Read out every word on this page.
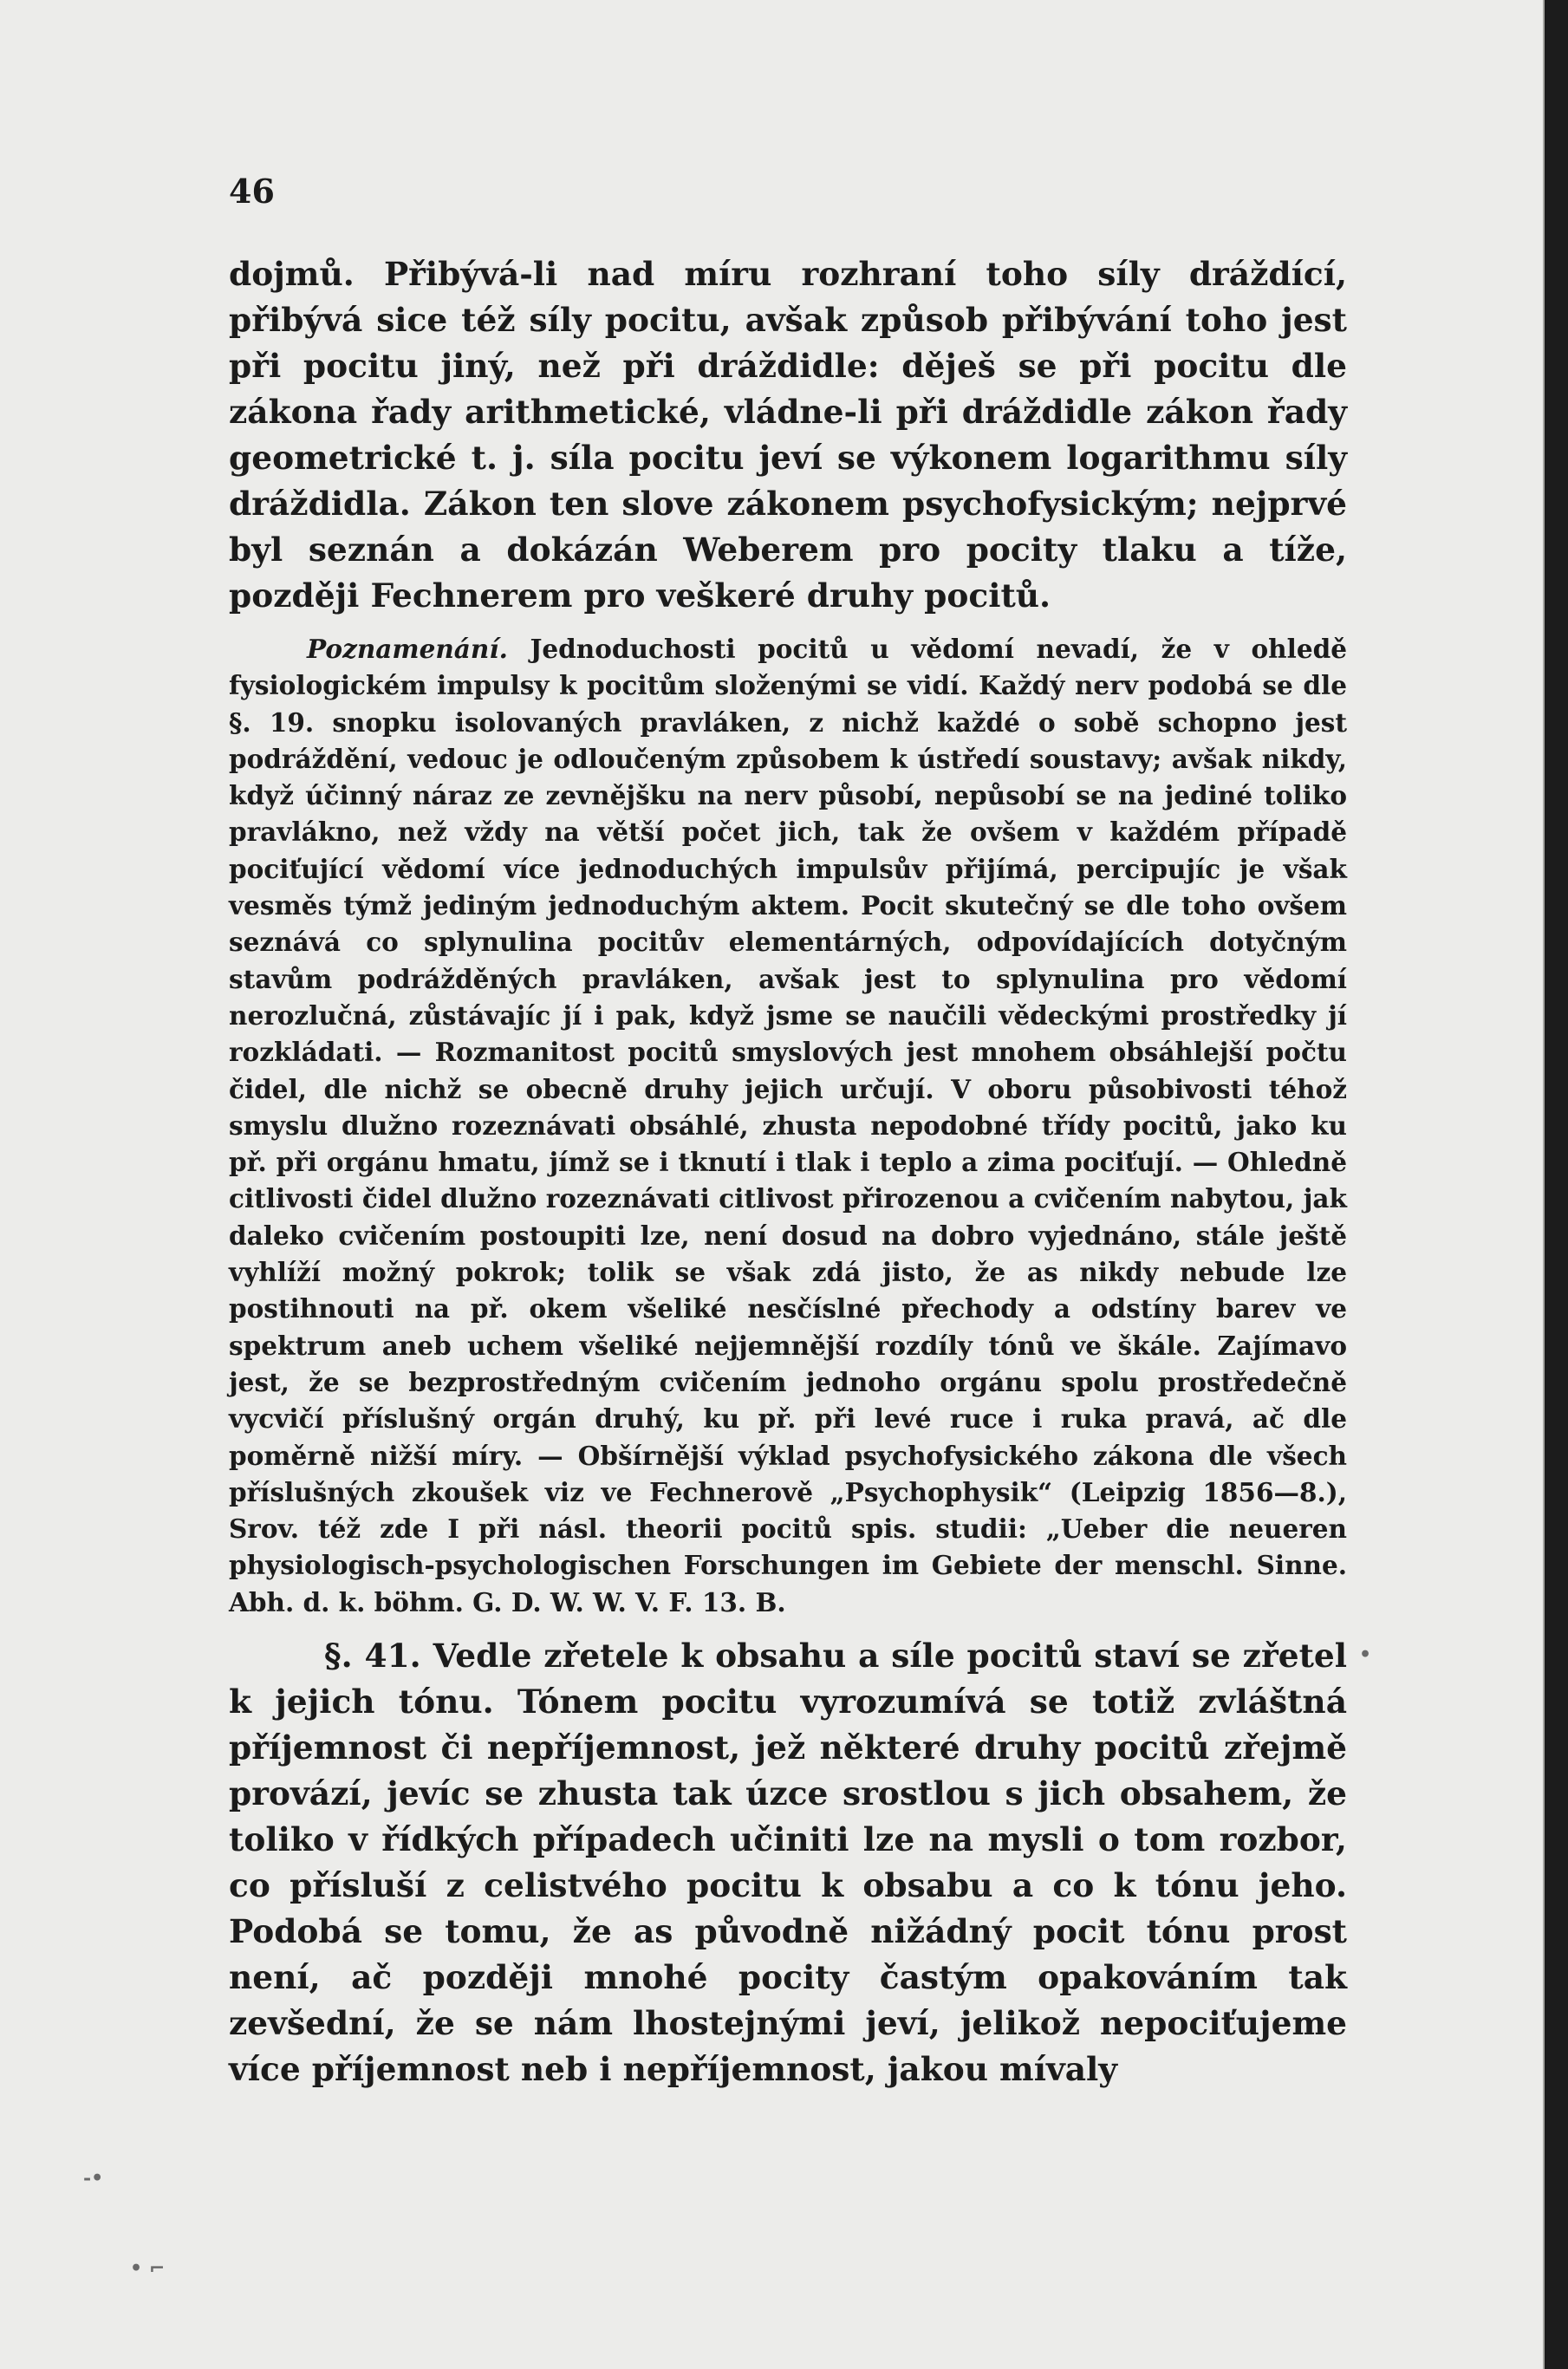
46

dojmů. Přibývá-li nad míru rozhraní toho síly dráždící, přibývá sice též síly pocitu, avšak způsob přibývání toho jest při pocitu jiný, než při dráždidle: děješ se při pocitu dle zákona řady arithmetické, vládne-li při dráždidle zákon řady geometrické t. j. síla pocitu jeví se výkonem logarithmu síly dráždidla. Zákon ten slove zákonem psychofysickým; nejprvé byl seznán a dokázán Weberem pro pocity tlaku a tíže, později Fechnerem pro veškeré druhy pocitů.

Poznamenání. Jednoduchosti pocitů u vědomí nevadí, že v ohledě fysiologickém impulsy k pocitům složenými se vidí. Každý nerv podobá se dle §. 19. snopku isolovaných pravláken, z nichž každé o sobě schopno jest podráždění, vedouc je odloučeným způsobem k ústředí soustavy; avšak nikdy, když účinný náraz ze zevnějšku na nerv působí, nepůsobí se na jediné toliko pravlákno, než vždy na větší počet jich, tak že ovšem v každém případě pociťující vědomí více jednoduchých impulsův přijímá, percipujíc je však vesměs týmž jediným jednoduchým aktem. Pocit skutečný se dle toho ovšem seznává co splynulina pocitův elementárných, odpovídajících dotyčným stavům podrážděných pravláken, avšak jest to splynulina pro vědomí nerozlučná, zůstávajíc jí i pak, když jsme se naučili vědeckými prostředky jí rozkládati. — Rozmanitost pocitů smyslových jest mnohem obsáhlejší počtu čidel, dle nichž se obecně druhy jejich určují. V oboru působivosti téhož smyslu dlužno rozeznávati obsáhlé, zhusta nepodobné třídy pocitů, jako ku př. při orgánu hmatu, jímž se i tknutí i tlak i teplo a zima pociťují. — Ohledně citlivosti čidel dlužno rozeznávati citlivost přirozenou a cvičením nabytou, jak daleko cvičením postoupiti lze, není dosud na dobro vyjednáno, stále ještě vyhlíží možný pokrok; tolik se však zdá jisto, že as nikdy nebude lze postihnouti na př. okem všeliké nesčíslné přechody a odstíny barev ve spektrum aneb uchem všeliké nejjemnější rozdíly tónů ve škále. Zajímavo jest, že se bezprostředným cvičením jednoho orgánu spolu prostředečně vycvičí příslušný orgán druhý, ku př. při levé ruce i ruka pravá, ač dle poměrně nižší míry. — Obšírnější výklad psychofysického zákona dle všech příslušných zkoušek viz ve Fechnerově „Psychophysik“ (Leipzig 1856—8.), Srov. též zde I při násl. theorii pocitů spis. studii: „Ueber die neueren physiologisch-psychologischen Forschungen im Gebiete der menschl. Sinne. Abh. d. k. böhm. G. D. W. W. V. F. 13. B.

§. 41. Vedle zřetele k obsahu a síle pocitů staví se zřetel k jejich tónu. Tónem pocitu vyrozumívá se totiž zvláštná příjemnost či nepříjemnost, jež některé druhy pocitů zřejmě provází, jevíc se zhusta tak úzce srostlou s jich obsahem, že toliko v řídkých případech učiniti lze na mysli o tom rozbor, co přísluší z celistvého pocitu k obsabu a co k tónu jeho. Podobá se tomu, že as původně nižádný pocit tónu prost není, ač později mnohé pocity častým opakováním tak zevšední, že se nám lhostejnými jeví, jelikož nepociťujeme více příjemnost neb i nepříjemnost, jakou mívaly

•
-•
• ⌐
